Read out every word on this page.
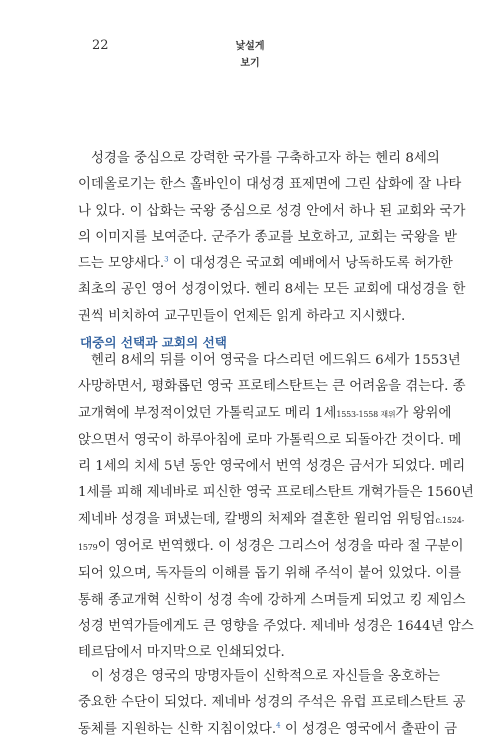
22	낯설게
보기
성경을 중심으로 강력한 국가를 구축하고자 하는 헨리 8세의
이데올로기는 한스 홀바인이 대성경 표제면에 그린 삽화에 잘 나타
나 있다. 이 삽화는 국왕 중심으로 성경 안에서 하나 된 교회와 국가
의 이미지를 보여준다. 군주가 종교를 보호하고, 교회는 국왕을 받
드는 모양새다.$^3$ 이 대성경은 국교회 예배에서 낭독하도록 허가한
최초의 공인 영어 성경이었다. 헨리 8세는 모든 교회에 대성경을 한
권씩 비치하여 교구민들이 언제든 읽게 하라고 지시했다.
대중의 선택과 교회의 선택
헨리 8세의 뒤를 이어 영국을 다스리던 에드워드 6세가 1553년
사망하면서, 평화롭던 영국 프로테스탄트는 큰 어려움을 겪는다. 종
교개혁에 부정적이었던 가톨릭교도 메리 1세1553-1558 재위가 왕위에
앉으면서 영국이 하루아침에 로마 가톨릭으로 되돌아간 것이다. 메
리 1세의 치세 5년 동안 영국에서 번역 성경은 금서가 되었다. 메리
1세를 피해 제네바로 피신한 영국 프로테스탄트 개혁가들은 1560년
제네바 성경을 펴냈는데, 칼뱅의 처제와 결혼한 윌리엄 위팅엄c.1524-
1579이 영어로 번역했다. 이 성경은 그리스어 성경을 따라 절 구분이
되어 있으며, 독자들의 이해를 돕기 위해 주석이 붙어 있었다. 이를
통해 종교개혁 신학이 성경 속에 강하게 스며들게 되었고 킹 제임스
성경 번역가들에게도 큰 영향을 주었다. 제네바 성경은 1644년 암스
테르담에서 마지막으로 인쇄되었다.
이 성경은 영국의 망명자들이 신학적으로 자신들을 옹호하는
중요한 수단이 되었다. 제네바 성경의 주석은 유럽 프로테스탄트 공
동체를 지원하는 신학 지침이었다.$^4$ 이 성경은 영국에서 출판이 금
